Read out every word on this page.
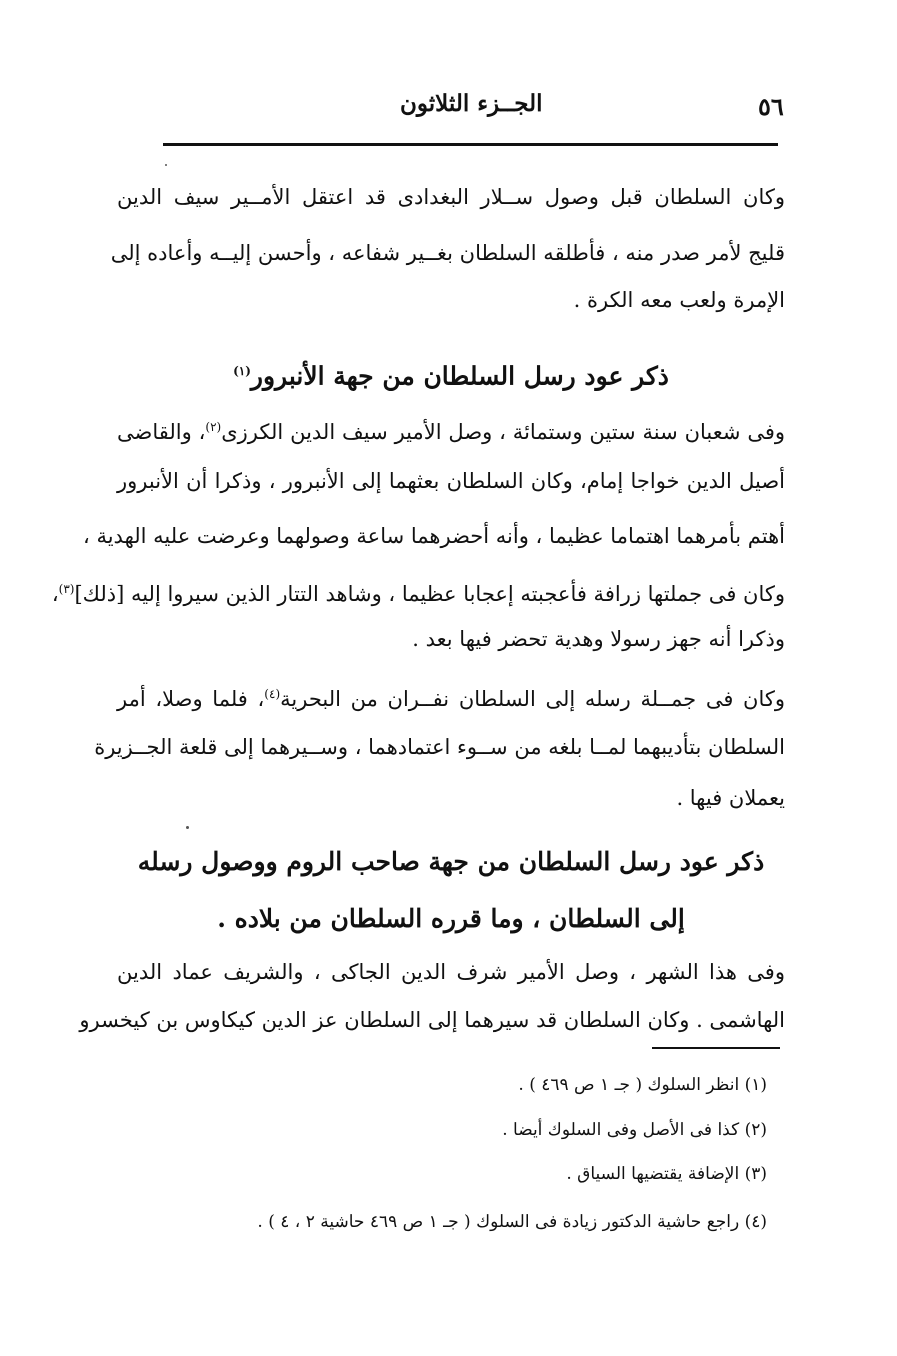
٥٦
الجــزء الثلاثون
وكان السلطان قبل وصول ســلار البغدادى قد اعتقل الأمــير سيف الدين
قليج لأمر صدر منه ، فأطلقه السلطان بغــير شفاعه ، وأحسن إليــه وأعاده إلى
الإمرة ولعب معه الكرة .
ذكر عود رسل السلطان من جهة الأنبرور$^{(١)}$
وفى شعبان سنة ستين وستمائة ، وصل الأمير سيف الدين الكرزى$^{(٢)}$، والقاضى
أصيل الدين خواجا إمام، وكان السلطان بعثهما إلى الأنبرور ، وذكرا أن الأنبرور
أهتم بأمرهما اهتماما عظيما ، وأنه أحضرهما ساعة وصولهما وعرضت عليه الهدية ،
وكان فى جملتها زرافة فأعجبته إعجابا عظيما ، وشاهد التتار الذين سيروا إليه [ذلك]$^{(٣)}$،
وذكرا أنه جهز رسولا وهدية تحضر فيها بعد .
وكان فى جمــلة رسله إلى السلطان نفــران من البحرية$^{(٤)}$، فلما وصلا، أمر
السلطان بتأديبهما لمــا بلغه من ســوء اعتمادهما ، وســيرهما إلى قلعة الجــزيرة
يعملان فيها .
ذكر عود رسل السلطان من جهة صاحب الروم ووصول رسله
إلى السلطان ، وما قرره السلطان من بلاده .
وفى هذا الشهر ، وصل الأمير شرف الدين الجاكى ، والشريف عماد الدين
الهاشمى . وكان السلطان قد سيرهما إلى السلطان عز الدين كيكاوس بن كيخسرو
(١) انظر السلوك ( جـ ١ ص ٤٦٩ ) .
(٢) كذا فى الأصل وفى السلوك أيضا .
(٣) الإضافة يقتضيها السياق .
(٤) راجع حاشية الدكتور زيادة فى السلوك ( جـ ١ ص ٤٦٩ حاشية ٢ ، ٤ ) .
